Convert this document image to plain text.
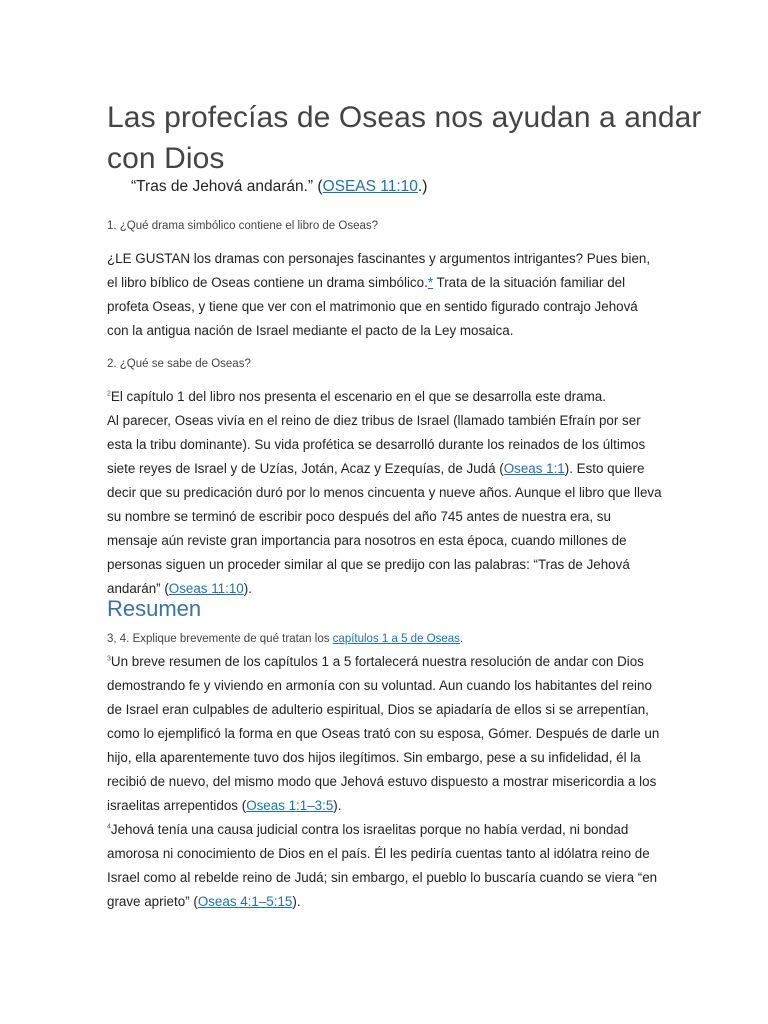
Las profecías de Oseas nos ayudan a andar con Dios
“Tras de Jehová andarán.” (OSEAS 11:10.)
1. ¿Qué drama simbólico contiene el libro de Oseas?

¿LE GUSTAN los dramas con personajes fascinantes y argumentos intrigantes? Pues bien, el libro bíblico de Oseas contiene un drama simbólico.* Trata de la situación familiar del profeta Oseas, y tiene que ver con el matrimonio que en sentido figurado contrajo Jehová con la antigua nación de Israel mediante el pacto de la Ley mosaica.

2. ¿Qué se sabe de Oseas?

$^2$El capítulo 1 del libro nos presenta el escenario en el que se desarrolla este drama.

Al parecer, Oseas vivía en el reino de diez tribus de Israel (llamado también Efraín por ser esta la tribu dominante). Su vida profética se desarrolló durante los reinados de los últimos siete reyes de Israel y de Uzías, Jotán, Acaz y Ezequías, de Judá (Oseas 1:1). Esto quiere decir que su predicación duró por lo menos cincuenta y nueve años. Aunque el libro que lleva su nombre se terminó de escribir poco después del año 745 antes de nuestra era, su mensaje aún reviste gran importancia para nosotros en esta época, cuando millones de personas siguen un proceder similar al que se predijo con las palabras: “Tras de Jehová andarán” (Oseas 11:10).

Resumen
3, 4. Explique brevemente de qué tratan los capítulos 1 a 5 de Oseas.

$^3$Un breve resumen de los capítulos 1 a 5 fortalecerá nuestra resolución de andar con Dios demostrando fe y viviendo en armonía con su voluntad. Aun cuando los habitantes del reino de Israel eran culpables de adulterio espiritual, Dios se apiadaría de ellos si se arrepentían, como lo ejemplificó la forma en que Oseas trató con su esposa, Gómer. Después de darle un hijo, ella aparentemente tuvo dos hijos ilegítimos. Sin embargo, pese a su infidelidad, él la recibió de nuevo, del mismo modo que Jehová estuvo dispuesto a mostrar misericordia a los israelitas arrepentidos (Oseas 1:1–3:5).

$^4$Jehová tenía una causa judicial contra los israelitas porque no había verdad, ni bondad amorosa ni conocimiento de Dios en el país. Él les pediría cuentas tanto al idólatra reino de Israel como al rebelde reino de Judá; sin embargo, el pueblo lo buscaría cuando se viera “en grave aprieto” (Oseas 4:1–5:15).
